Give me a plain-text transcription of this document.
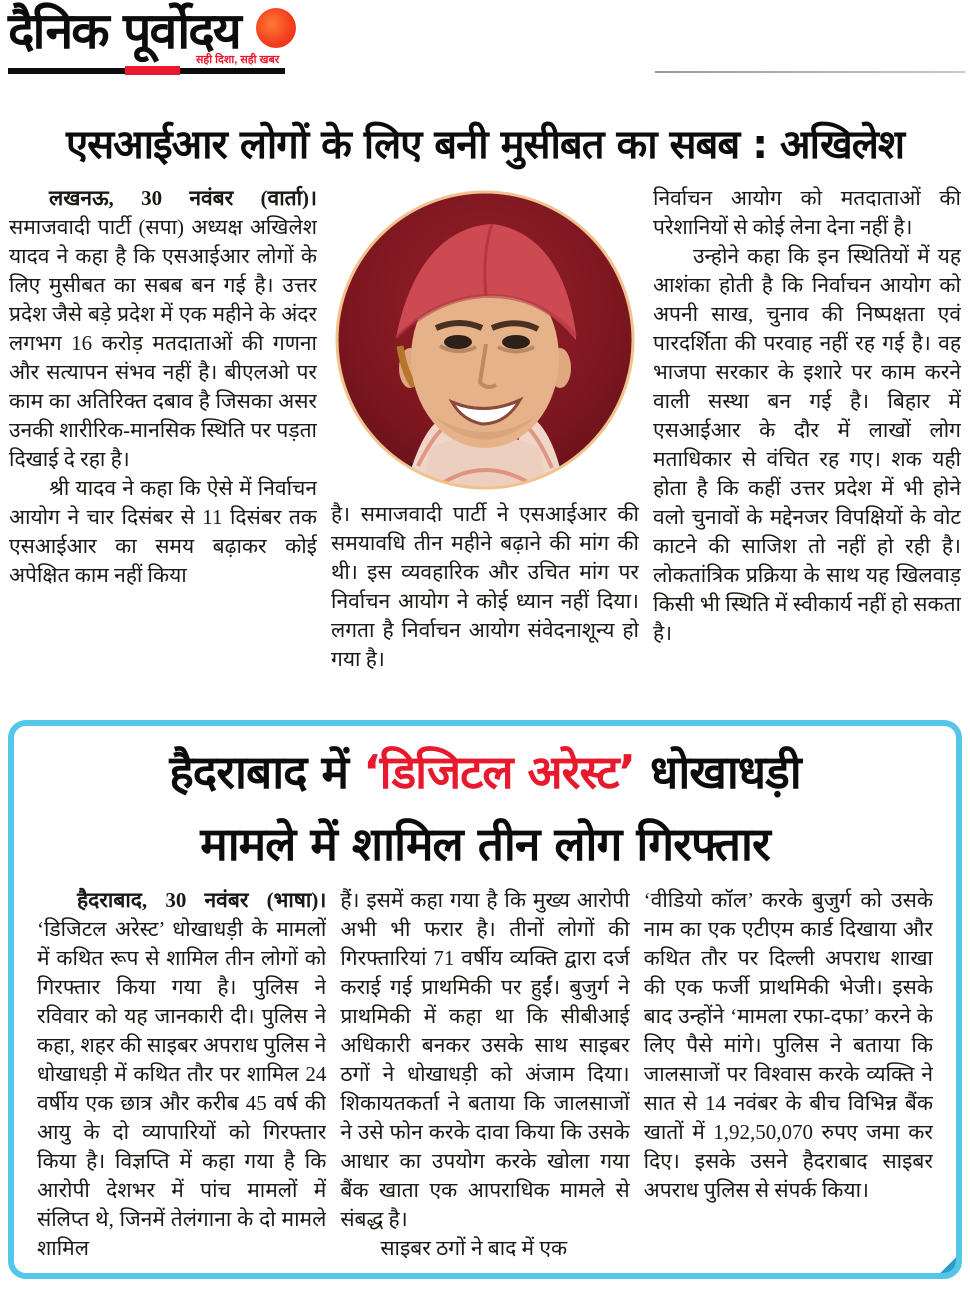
दैनिक पूर्वोदय
सही दिशा, सही खबर
एसआईआर लोगों के लिए बनी मुसीबत का सबब : अखिलेश

लखनऊ, 30 नवंबर (वार्ता)। समाजवादी पार्टी (सपा) अध्यक्ष अखिलेश यादव ने कहा है कि एसआईआर लोगों के लिए मुसीबत का सबब बन गई है। उत्तर प्रदेश जैसे बड़े प्रदेश में एक महीने के अंदर लगभग 16 करोड़ मतदाताओं की गणना और सत्यापन संभव नहीं है। बीएलओ पर काम का अतिरिक्त दबाव है जिसका असर उनकी शारीरिक-मानसिक स्थिति पर पड़ता दिखाई दे रहा है।

श्री यादव ने कहा कि ऐसे में निर्वाचन आयोग ने चार दिसंबर से 11 दिसंबर तक एसआईआर का समय बढ़ाकर कोई अपेक्षित काम नहीं किया

है। समाजवादी पार्टी ने एसआईआर की समयावधि तीन महीने बढ़ाने की मांग की थी। इस व्यवहारिक और उचित मांग पर निर्वाचन आयोग ने कोई ध्यान नहीं दिया। लगता है निर्वाचन आयोग संवेदनाशून्य हो गया है।

निर्वाचन आयोग को मतदाताओं की परेशानियों से कोई लेना देना नहीं है।

उन्होने कहा कि इन स्थितियों में यह आशंका होती है कि निर्वाचन आयोग को अपनी साख, चुनाव की निष्पक्षता एवं पारदर्शिता की परवाह नहीं रह गई है। वह भाजपा सरकार के इशारे पर काम करने वाली सस्था बन गई है। बिहार में एसआईआर के दौर में लाखों लोग मताधिकार से वंचित रह गए। शक यही होता है कि कहीं उत्तर प्रदेश में भी होने वलो चुनावों के मद्देनजर विपक्षियों के वोट काटने की साजिश तो नहीं हो रही है। लोकतांत्रिक प्रक्रिया के साथ यह खिलवाड़ किसी भी स्थिति में स्वीकार्य नहीं हो सकता है।

हैदराबाद में ‘डिजिटल अरेस्ट’ धोखाधड़ी
मामले में शामिल तीन लोग गिरफ्तार

हैदराबाद, 30 नवंबर (भाषा)। ‘डिजिटल अरेस्ट’ धोखाधड़ी के मामलों में कथित रूप से शामिल तीन लोगों को गिरफ्तार किया गया है। पुलिस ने रविवार को यह जानकारी दी। पुलिस ने कहा, शहर की साइबर अपराध पुलिस ने धोखाधड़ी में कथित तौर पर शामिल 24 वर्षीय एक छात्र और करीब 45 वर्ष की आयु के दो व्यापारियों को गिरफ्तार किया है। विज्ञप्ति में कहा गया है कि आरोपी देशभर में पांच मामलों में संलिप्त थे, जिनमें तेलंगाना के दो मामले शामिल

हैं। इसमें कहा गया है कि मुख्य आरोपी अभी भी फरार है। तीनों लोगों की गिरफ्तारियां 71 वर्षीय व्यक्ति द्वारा दर्ज कराई गई प्राथमिकी पर हुईं। बुजुर्ग ने प्राथमिकी में कहा था कि सीबीआई अधिकारी बनकर उसके साथ साइबर ठगों ने धोखाधड़ी को अंजाम दिया। शिकायतकर्ता ने बताया कि जालसाजों ने उसे फोन करके दावा किया कि उसके आधार का उपयोग करके खोला गया बैंक खाता एक आपराधिक मामले से संबद्ध है।

साइबर ठगों ने बाद में एक

‘वीडियो कॉल’ करके बुजुर्ग को उसके नाम का एक एटीएम कार्ड दिखाया और कथित तौर पर दिल्ली अपराध शाखा की एक फर्जी प्राथमिकी भेजी। इसके बाद उन्होंने ‘मामला रफा-दफा’ करने के लिए पैसे मांगे। पुलिस ने बताया कि जालसाजों पर विश्वास करके व्यक्ति ने सात से 14 नवंबर के बीच विभिन्न बैंक खातों में 1,92,50,070 रुपए जमा कर दिए। इसके उसने हैदराबाद साइबर अपराध पुलिस से संपर्क किया।
